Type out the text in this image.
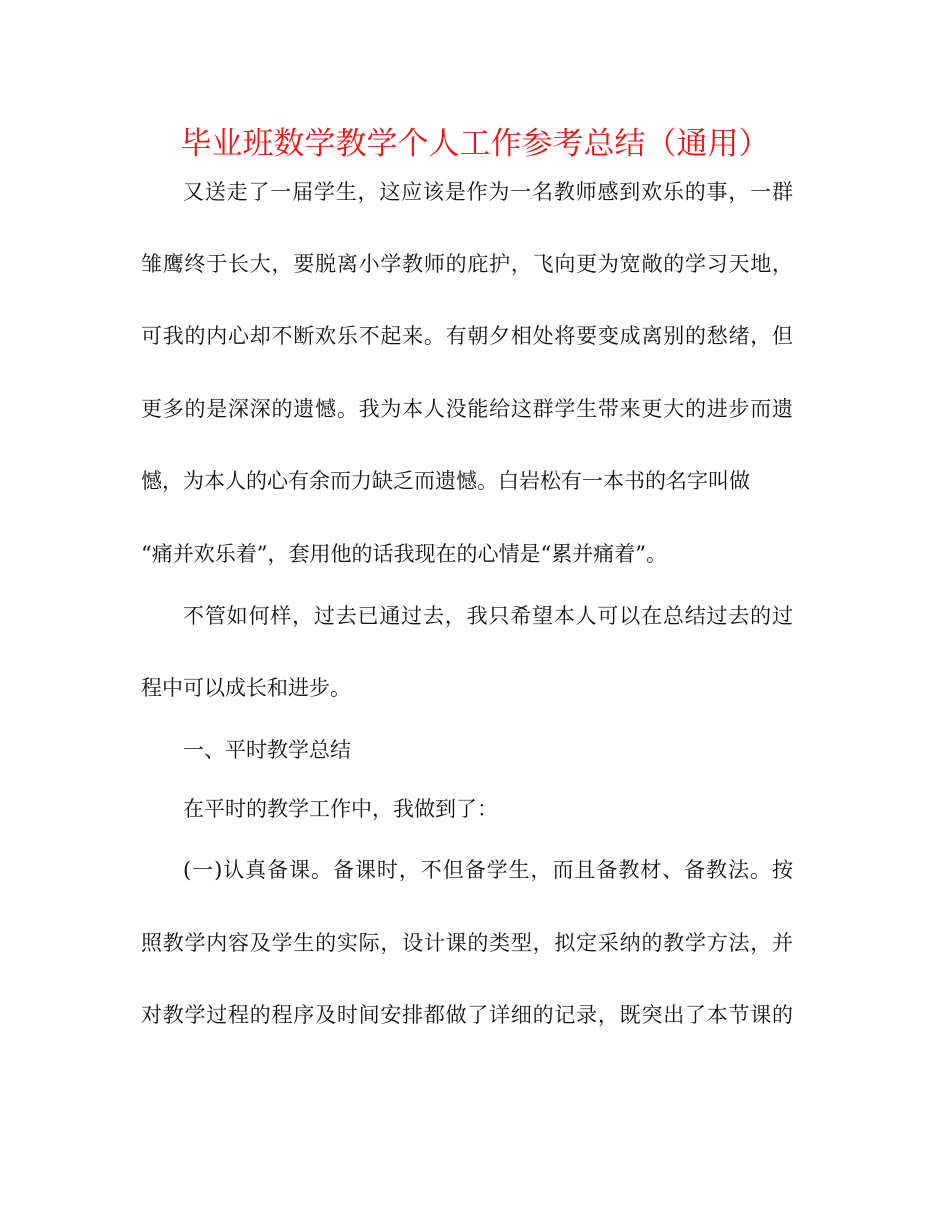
毕业班数学教学个人工作参考总结（通用）
又送走了一届学生，这应该是作为一名教师感到欢乐的事，一群
雏鹰终于长大，要脱离小学教师的庇护，飞向更为宽敞的学习天地，
可我的内心却不断欢乐不起来。有朝夕相处将要变成离别的愁绪，但
更多的是深深的遗憾。我为本人没能给这群学生带来更大的进步而遗
憾，为本人的心有余而力缺乏而遗憾。白岩松有一本书的名字叫做
“痛并欢乐着”，套用他的话我现在的心情是“累并痛着”。
不管如何样，过去已通过去，我只希望本人可以在总结过去的过
程中可以成长和进步。
一、平时教学总结
在平时的教学工作中，我做到了：
(一)认真备课。备课时，不但备学生，而且备教材、备教法。按
照教学内容及学生的实际，设计课的类型，拟定采纳的教学方法，并
对教学过程的程序及时间安排都做了详细的记录，既突出了本节课的
